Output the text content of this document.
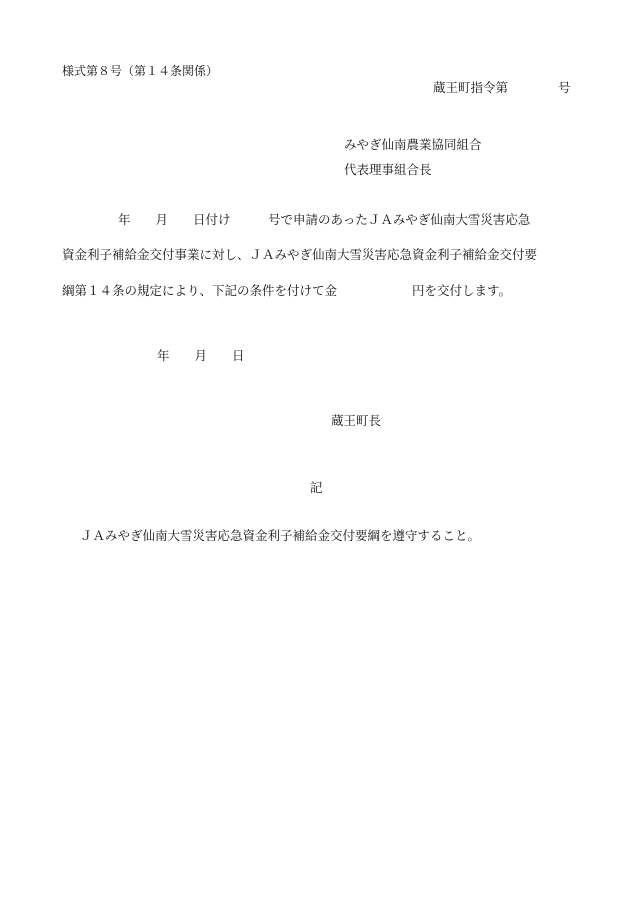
様式第８号（第１４条関係）
蔵王町指令第　　　　号
みやぎ仙南農業協同組合
代表理事組合長
年　　月　　日付け　　　号で申請のあったＪＡみやぎ仙南大雪災害応急
資金利子補給金交付事業に対し、ＪＡみやぎ仙南大雪災害応急資金利子補給金交付要
綱第１４条の規定により、下記の条件を付けて金　　　　　　円を交付します。
年　　月　　日
蔵王町長
記
ＪＡみやぎ仙南大雪災害応急資金利子補給金交付要綱を遵守すること。
